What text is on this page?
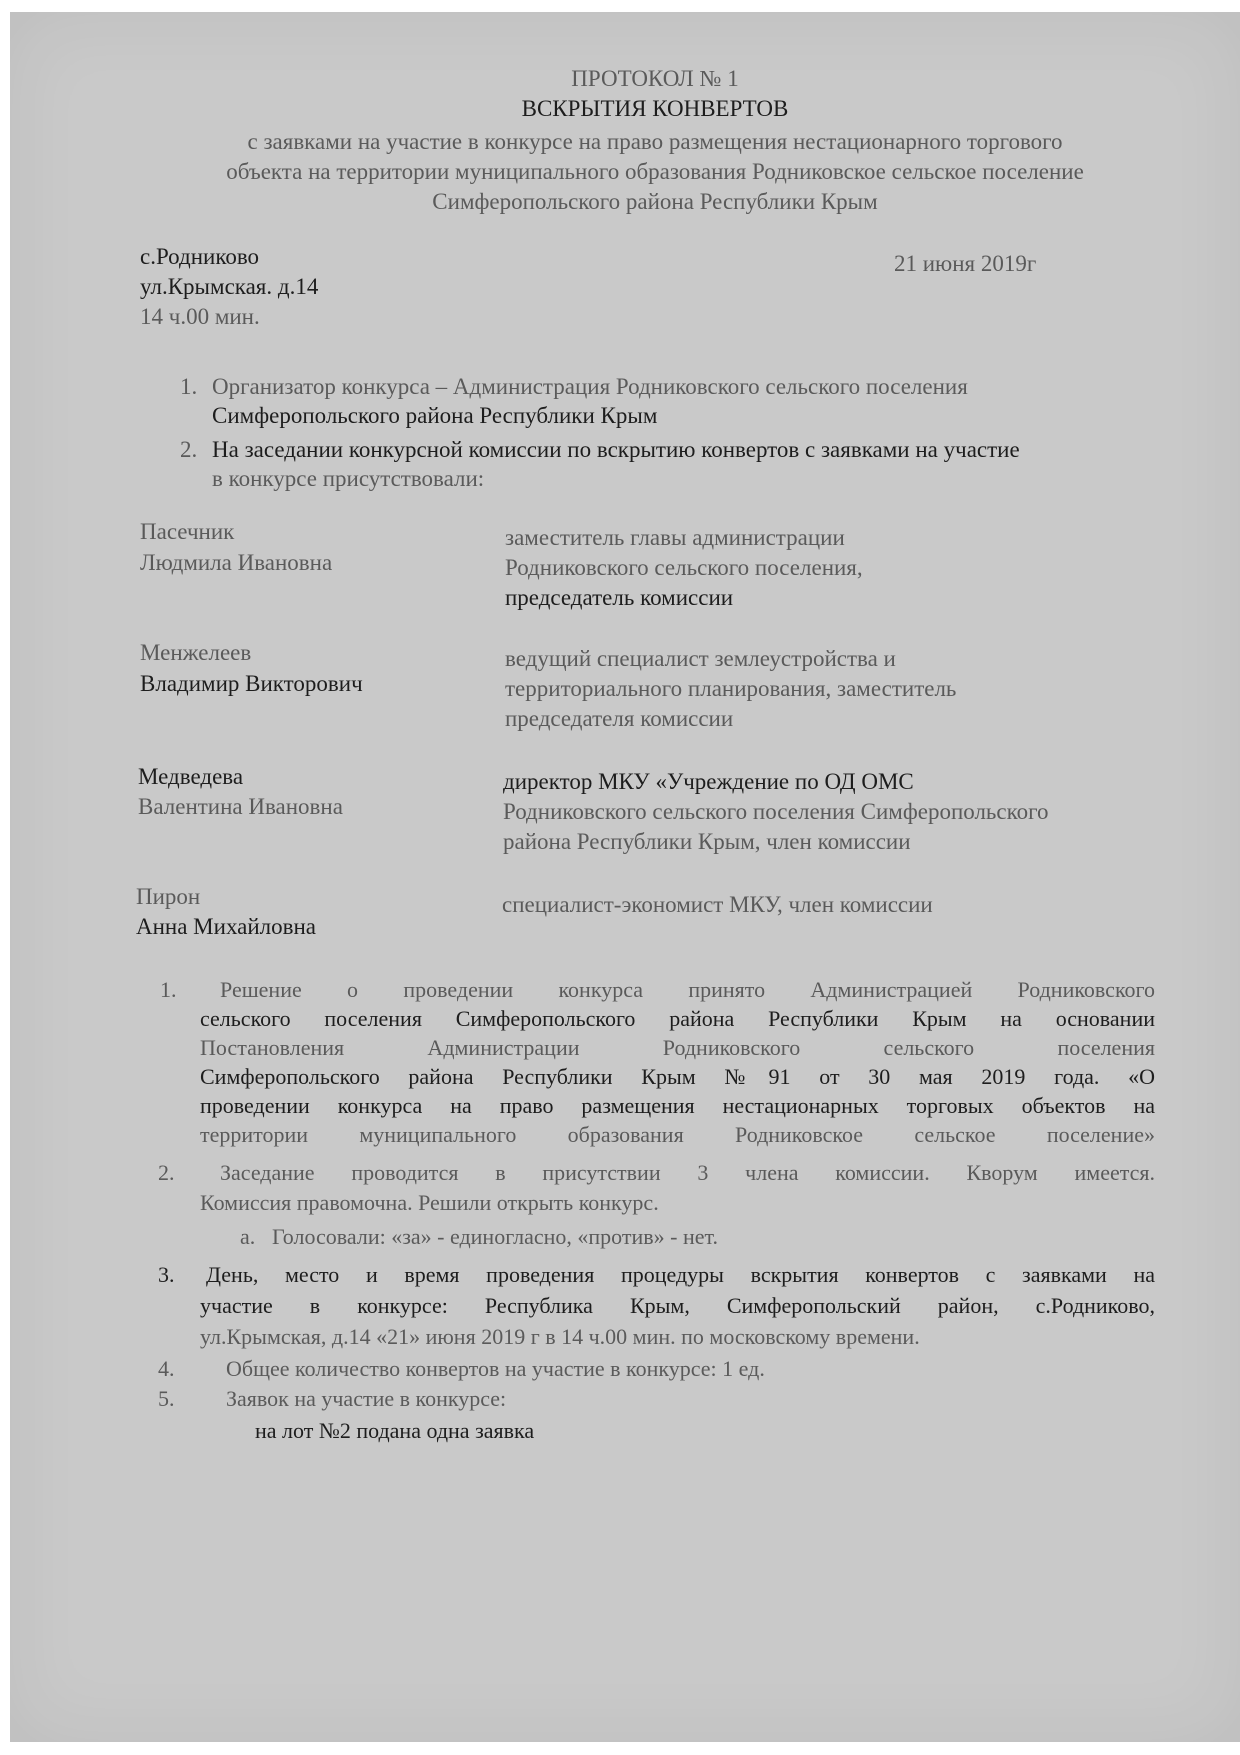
ПРОТОКОЛ № 1
ВСКРЫТИЯ КОНВЕРТОВ
с заявками на участие в конкурсе на право размещения нестационарного торгового
объекта на территории муниципального образования Родниковское сельское поселение
Симферопольского района Республики Крым
с.Родниково
ул.Крымская. д.14
14 ч.00 мин.
21 июня 2019г
1. Организатор конкурса – Администрация Родниковского сельского поселения
Симферопольского района Республики Крым
2. На заседании конкурсной комиссии по вскрытию конвертов с заявками на участие
в конкурсе присутствовали:
Пасечник
Людмила Ивановна
заместитель главы администрации
Родниковского сельского поселения,
председатель комиссии
Менжелеев
Владимир Викторович
ведущий специалист землеустройства и
территориального планирования, заместитель
председателя комиссии
Медведева
Валентина Ивановна
директор МКУ «Учреждение по ОД ОМС
Родниковского сельского поселения Симферопольского
района Республики Крым, член комиссии
Пирон
Анна Михайловна
специалист-экономист МКУ, член комиссии
1. Решение о проведении конкурса принято Администрацией Родниковского
сельского поселения Симферопольского района Республики Крым на основании
Постановления Администрации Родниковского сельского поселения
Симферопольского района Республики Крым №91 от 30 мая 2019 года. «О
проведении конкурса на право размещения нестационарных торговых объектов на
территории муниципального образования Родниковское сельское поселение»
2. Заседание проводится в присутствии 3 члена комиссии. Кворум имеется.
Комиссия правомочна. Решили открыть конкурс.
a. Голосовали: «за» - единогласно, «против» - нет.
3. День, место и время проведения процедуры вскрытия конвертов с заявками на
участие в конкурсе: Республика Крым, Симферопольский район, с.Родниково,
ул.Крымская, д.14 «21» июня 2019 г в 14 ч.00 мин. по московскому времени.
4. Общее количество конвертов на участие в конкурсе: 1 ед.
5. Заявок на участие в конкурсе:
на лот №2 подана одна заявка
